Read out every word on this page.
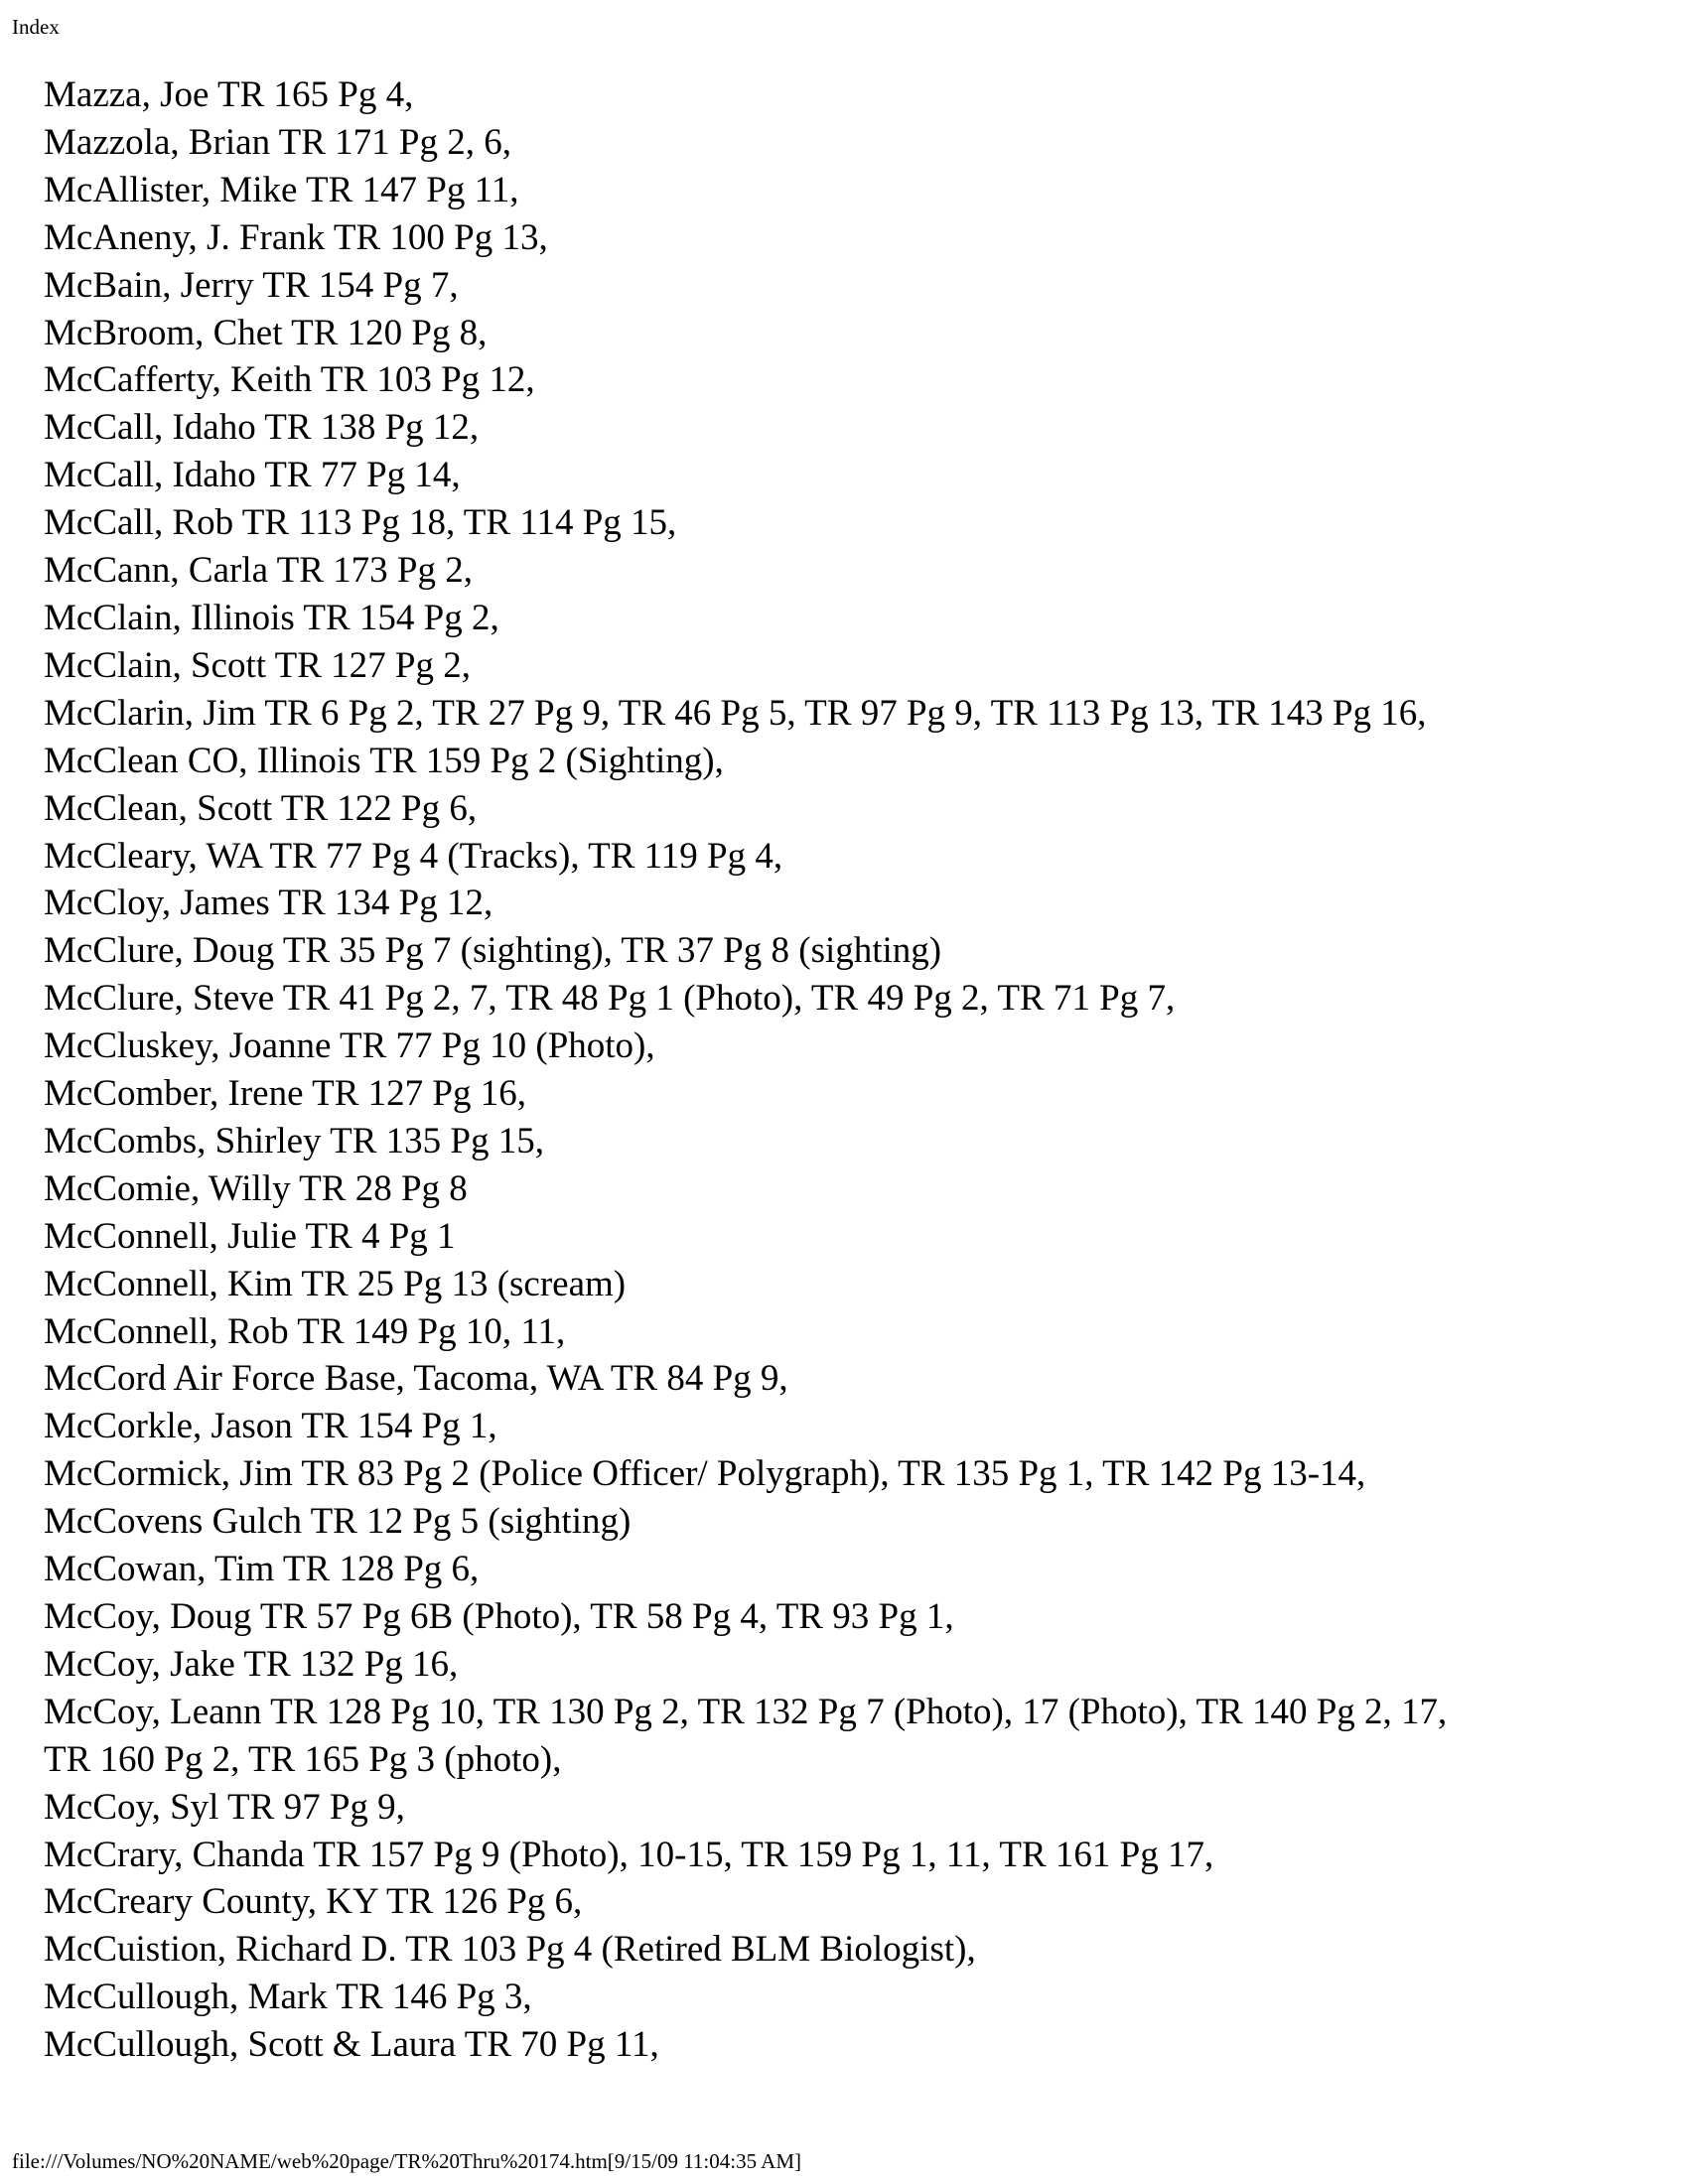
Index
Mazza, Joe TR 165 Pg 4,
Mazzola, Brian TR 171 Pg 2, 6,
McAllister, Mike TR 147 Pg 11,
McAneny, J. Frank TR 100 Pg 13,
McBain, Jerry TR 154 Pg 7,
McBroom, Chet TR 120 Pg 8,
McCafferty, Keith TR 103 Pg 12,
McCall, Idaho TR 138 Pg 12,
McCall, Idaho TR 77 Pg 14,
McCall, Rob TR 113 Pg 18, TR 114 Pg 15,
McCann, Carla TR 173 Pg 2,
McClain, Illinois TR 154 Pg 2,
McClain, Scott TR 127 Pg 2,
McClarin, Jim TR 6 Pg 2, TR 27 Pg 9, TR 46 Pg 5, TR 97 Pg 9, TR 113 Pg 13, TR 143 Pg 16,
McClean CO, Illinois TR 159 Pg 2 (Sighting),
McClean, Scott TR 122 Pg 6,
McCleary, WA TR 77 Pg 4 (Tracks), TR 119 Pg 4,
McCloy, James TR 134 Pg 12,
McClure, Doug TR 35 Pg 7 (sighting), TR 37 Pg 8 (sighting)
McClure, Steve TR 41 Pg 2, 7, TR 48 Pg 1 (Photo), TR 49 Pg 2, TR 71 Pg 7,
McCluskey, Joanne TR 77 Pg 10 (Photo),
McComber, Irene TR 127 Pg 16,
McCombs, Shirley TR 135 Pg 15,
McComie, Willy TR 28 Pg 8
McConnell, Julie TR 4 Pg 1
McConnell, Kim TR 25 Pg 13 (scream)
McConnell, Rob TR 149 Pg 10, 11,
McCord Air Force Base, Tacoma, WA TR 84 Pg 9,
McCorkle, Jason TR 154 Pg 1,
McCormick, Jim TR 83 Pg 2 (Police Officer/ Polygraph), TR 135 Pg 1, TR 142 Pg 13-14,
McCovens Gulch TR 12 Pg 5 (sighting)
McCowan, Tim TR 128 Pg 6,
McCoy, Doug TR 57 Pg 6B (Photo), TR 58 Pg 4, TR 93 Pg 1,
McCoy, Jake TR 132 Pg 16,
McCoy, Leann TR 128 Pg 10, TR 130 Pg 2, TR 132 Pg 7 (Photo), 17 (Photo), TR 140 Pg 2, 17,
TR 160 Pg 2, TR 165 Pg 3 (photo),
McCoy, Syl TR 97 Pg 9,
McCrary, Chanda TR 157 Pg 9 (Photo), 10-15, TR 159 Pg 1, 11, TR 161 Pg 17,
McCreary County, KY TR 126 Pg 6,
McCuistion, Richard D. TR 103 Pg 4 (Retired BLM Biologist),
McCullough, Mark TR 146 Pg 3,
McCullough, Scott & Laura TR 70 Pg 11,
file:///Volumes/NO%20NAME/web%20page/TR%20Thru%20174.htm[9/15/09 11:04:35 AM]
